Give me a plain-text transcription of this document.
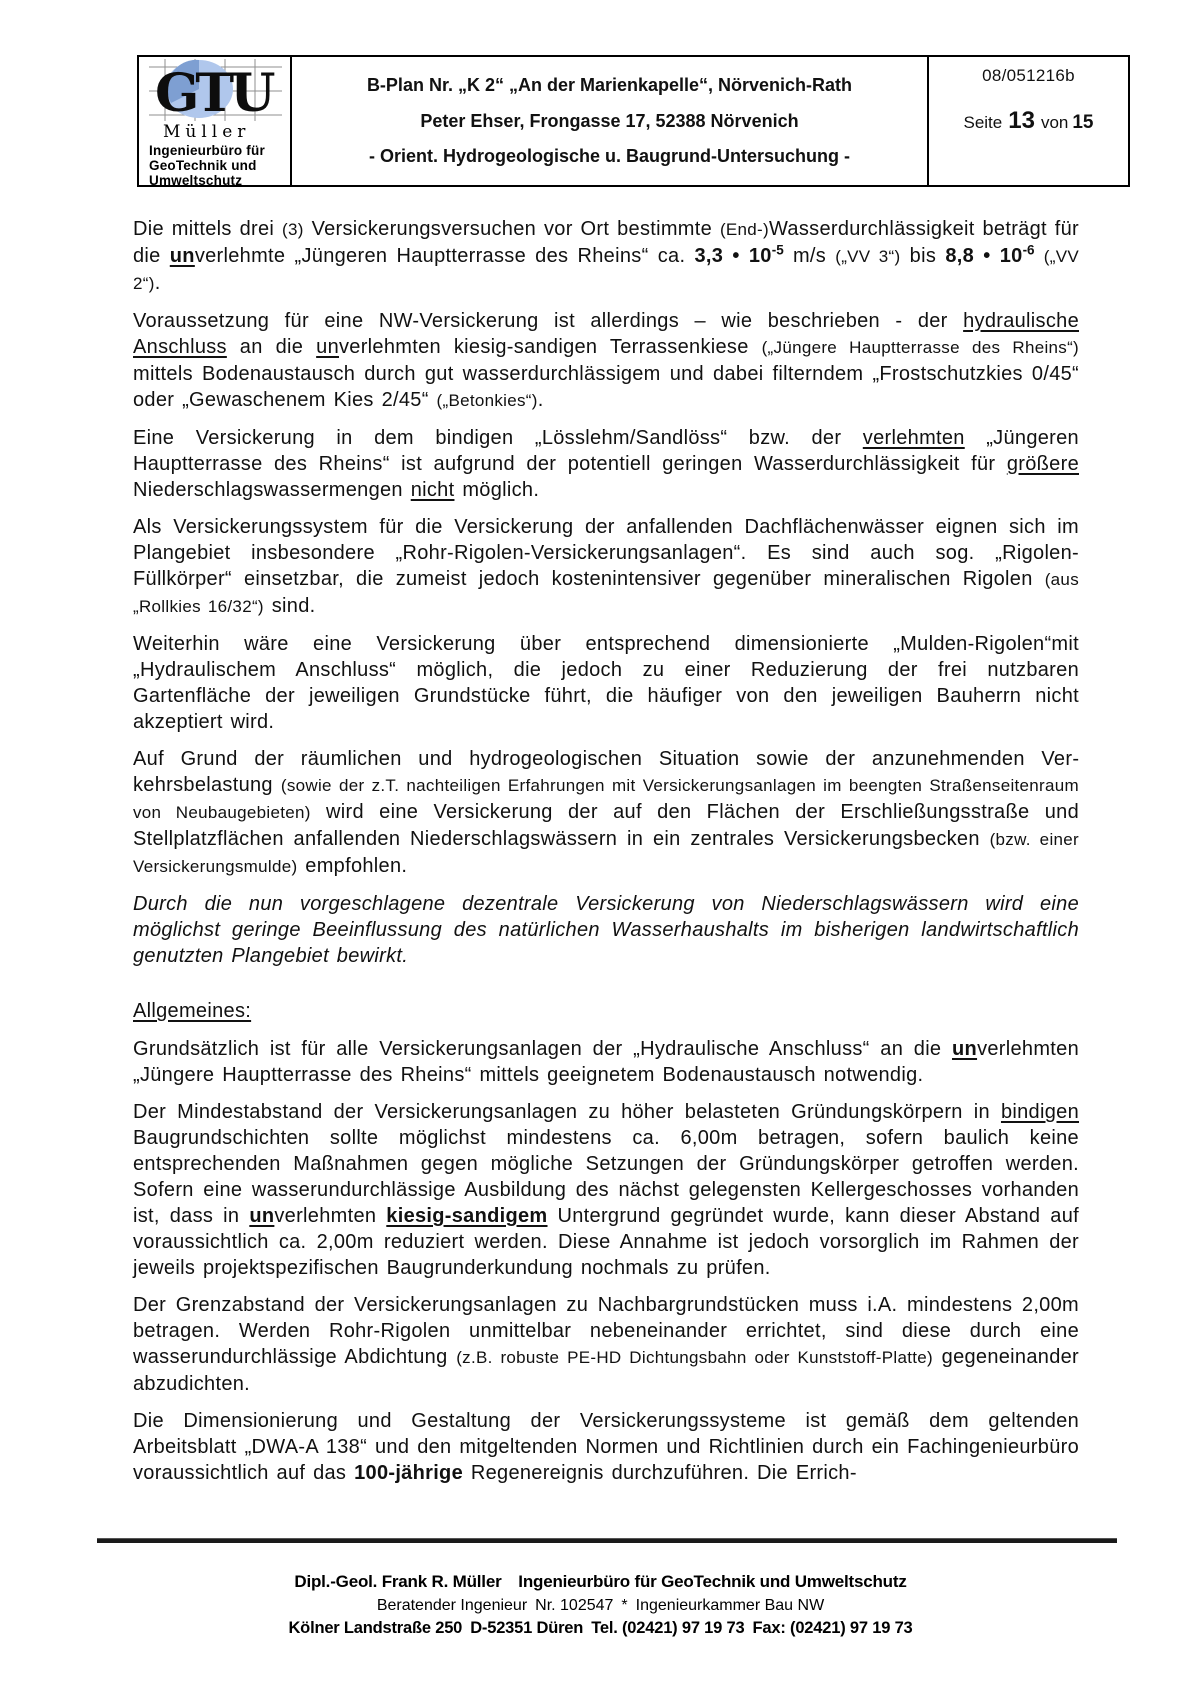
GTU
Müller
Ingenieurbüro für
GeoTechnik und
Umweltschutz
B-Plan Nr. „K 2“ „An der Marienkapelle“, Nörvenich-Rath
Peter Ehser, Frongasse 17, 52388 Nörvenich
- Orient. Hydrogeologische u. Baugrund-Untersuchung -
08/051216b
Seite 13 von 15

Die mittels drei (3) Versickerungsversuchen vor Ort bestimmte (End-)Wasserdurchlässigkeit beträgt für die unverlehmte „Jüngeren Hauptterrasse des Rheins“ ca. 3,3 • $10^{-5}$ m/s („VV 3“) bis 8,8 • $10^{-6}$ („VV 2“).

Voraussetzung für eine NW-Versickerung ist allerdings – wie beschrieben - der hydraulische Anschluss an die unverlehmten kiesig-sandigen Terrassenkiese („Jüngere Hauptterrasse des Rheins“) mittels Bodenaustausch durch gut wasserdurchlässigem und dabei filterndem „Frostschutzkies 0/45“ oder „Gewaschenem Kies 2/45“ („Betonkies“).

Eine Versickerung in dem bindigen „Lösslehm/Sandlöss“ bzw. der verlehmten „Jüngeren Hauptterrasse des Rheins“ ist aufgrund der potentiell geringen Wasserdurchlässigkeit für größere Niederschlagswassermengen nicht möglich.

Als Versickerungssystem für die Versickerung der anfallenden Dachflächenwässer eignen sich im Plangebiet insbesondere „Rohr-Rigolen-Versickerungsanlagen“. Es sind auch sog. „Rigolen-Füllkörper“ einsetzbar, die zumeist jedoch kostenintensiver gegenüber mineralischen Rigolen (aus „Rollkies 16/32“) sind.

Weiterhin wäre eine Versickerung über entsprechend dimensionierte „Mulden-Rigolen“mit „Hydraulischem Anschluss“ möglich, die jedoch zu einer Reduzierung der frei nutzbaren Gartenfläche der jeweiligen Grundstücke führt, die häufiger von den jeweiligen Bauherrn nicht akzeptiert wird.

Auf Grund der räumlichen und hydrogeologischen Situation sowie der anzunehmenden Verkehrsbelastung (sowie der z.T. nachteiligen Erfahrungen mit Versickerungsanlagen im beengten Straßenseitenraum von Neubaugebieten) wird eine Versickerung der auf den Flächen der Erschließungsstraße und Stellplatzflächen anfallenden Niederschlagswässern in ein zentrales Versickerungsbecken (bzw. einer Versickerungsmulde) empfohlen.

Durch die nun vorgeschlagene dezentrale Versickerung von Niederschlagswässern wird eine möglichst geringe Beeinflussung des natürlichen Wasserhaushalts im bisherigen landwirtschaftlich genutzten Plangebiet bewirkt.

Allgemeines:

Grundsätzlich ist für alle Versickerungsanlagen der „Hydraulische Anschluss“ an die unverlehmten „Jüngere Hauptterrasse des Rheins“ mittels geeignetem Bodenaustausch notwendig.

Der Mindestabstand der Versickerungsanlagen zu höher belasteten Gründungskörpern in bindigen Baugrundschichten sollte möglichst mindestens ca. 6,00m betragen, sofern baulich keine entsprechenden Maßnahmen gegen mögliche Setzungen der Gründungskörper getroffen werden. Sofern eine wasserundurchlässige Ausbildung des nächst gelegensten Kellergeschosses vorhanden ist, dass in unverlehmten kiesig-sandigem Untergrund gegründet wurde, kann dieser Abstand auf voraussichtlich ca. 2,00m reduziert werden. Diese Annahme ist jedoch vorsorglich im Rahmen der jeweils projektspezifischen Baugrunderkundung nochmals zu prüfen.

Der Grenzabstand der Versickerungsanlagen zu Nachbargrundstücken muss i.A. mindestens 2,00m betragen. Werden Rohr-Rigolen unmittelbar nebeneinander errichtet, sind diese durch eine wasserundurchlässige Abdichtung (z.B. robuste PE-HD Dichtungsbahn oder Kunststoff-Platte) gegeneinander abzudichten.

Die Dimensionierung und Gestaltung der Versickerungssysteme ist gemäß dem geltenden Arbeitsblatt „DWA-A 138“ und den mitgeltenden Normen und Richtlinien durch ein Fachingenieurbüro voraussichtlich auf das 100-jährige Regenereignis durchzuführen. Die Errich-

Dipl.-Geol. Frank R. Müller Ingenieurbüro für GeoTechnik und Umweltschutz
Beratender Ingenieur Nr. 102547 * Ingenieurkammer Bau NW
Kölner Landstraße 250 D-52351 Düren Tel. (02421) 97 19 73 Fax: (02421) 97 19 73
